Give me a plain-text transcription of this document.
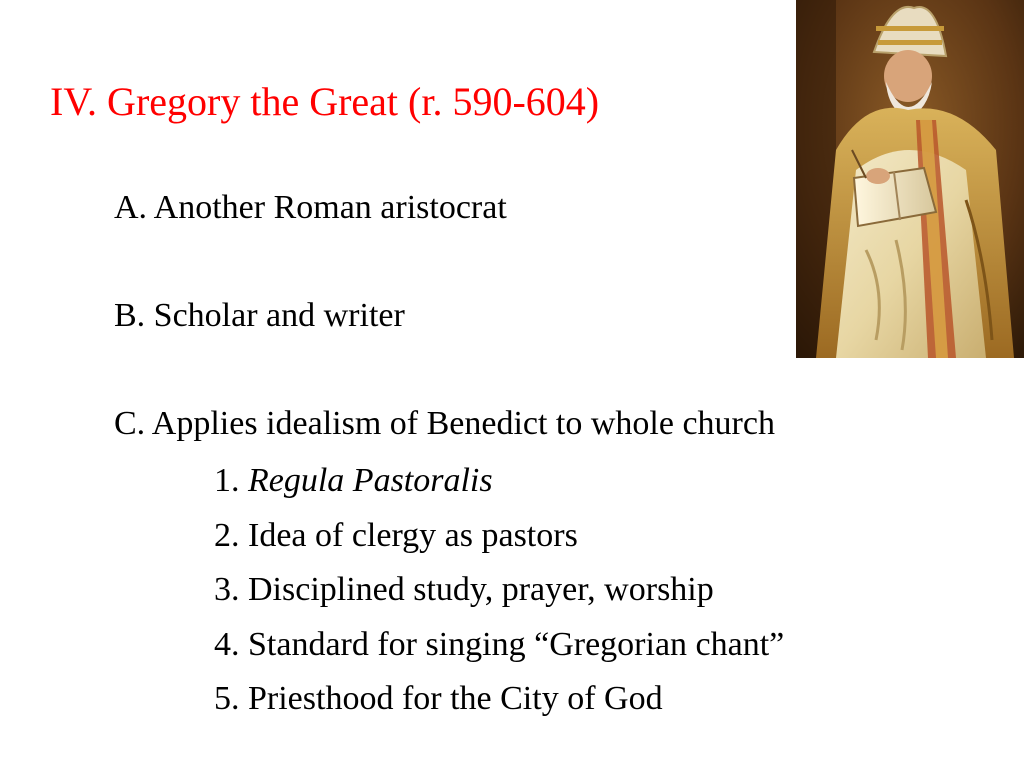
IV. Gregory the Great (r. 590-604)
A. Another Roman aristocrat
B. Scholar and writer
C. Applies idealism of Benedict to whole church
1. Regula Pastoralis
2. Idea of clergy as pastors
3. Disciplined study, prayer, worship
4. Standard for singing “Gregorian chant”
5. Priesthood for the City of God
